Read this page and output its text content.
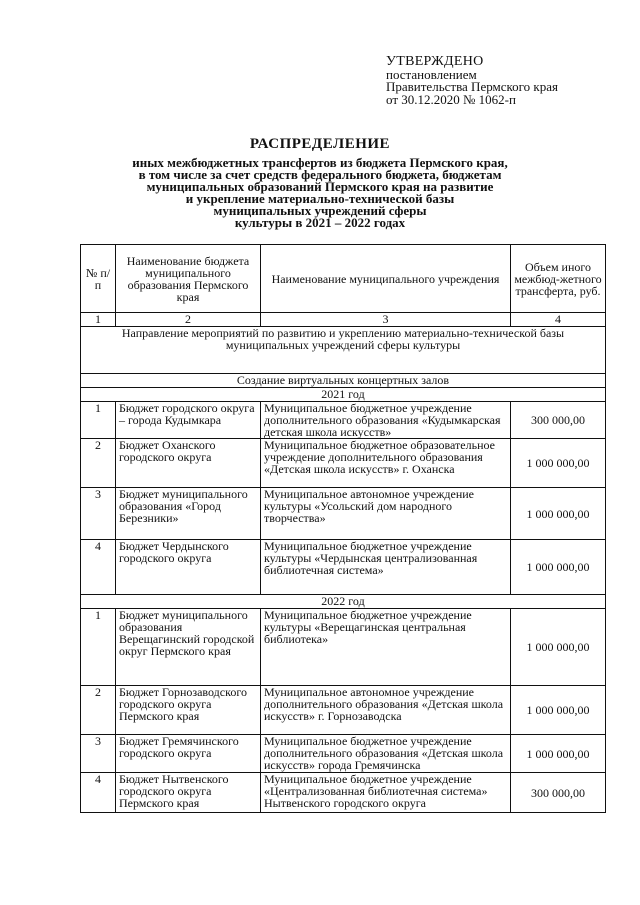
УТВЕРЖДЕНО
постановлением
Правительства Пермского края
от 30.12.2020 № 1062-п
РАСПРЕДЕЛЕНИЕ
иных межбюджетных трансфертов из бюджета Пермского края,
в том числе за счет средств федерального бюджета, бюджетам
муниципальных образований Пермского края на развитие
и укрепление материально-технической базы
муниципальных учреждений сферы
культуры в 2021 – 2022 годах
№ п/п	Наименование бюджета муниципального образования Пермского края	Наименование муниципального учреждения	Объем иного межбюд-жетного трансферта, руб.
1	2	3	4
Направление мероприятий по развитию и укреплению материально-технической базы муниципальных учреждений сферы культуры			
Создание виртуальных концертных залов			
2021 год			
1	Бюджет городского округа – города Кудымкара	Муниципальное бюджетное учреждение дополнительного образования «Кудымкарская детская школа искусств»	300 000,00
2	Бюджет Оханского городского округа	Муниципальное бюджетное образовательное учреждение дополнительного образования «Детская школа искусств» г. Оханска	1 000 000,00
3	Бюджет муниципального образования «Город Березники»	Муниципальное автономное учреждение культуры «Усольский дом народного творчества»	1 000 000,00
4	Бюджет Чердынского городского округа	Муниципальное бюджетное учреждение культуры «Чердынская централизованная библиотечная система»	1 000 000,00
2022 год			
1	Бюджет муниципального образования Верещагинский городской округ Пермского края	Муниципальное бюджетное учреждение культуры «Верещагинская центральная библиотека»	1 000 000,00
2	Бюджет Горнозаводского городского округа Пермского края	Муниципальное автономное учреждение дополнительного образования «Детская школа искусств» г. Горнозаводска	1 000 000,00
3	Бюджет Гремячинского городского округа	Муниципальное бюджетное учреждение дополнительного образования «Детская школа искусств» города Гремячинска	1 000 000,00
4	Бюджет Нытвенского городского округа Пермского края	Муниципальное бюджетное учреждение «Централизованная библиотечная система» Нытвенского городского округа	300 000,00
